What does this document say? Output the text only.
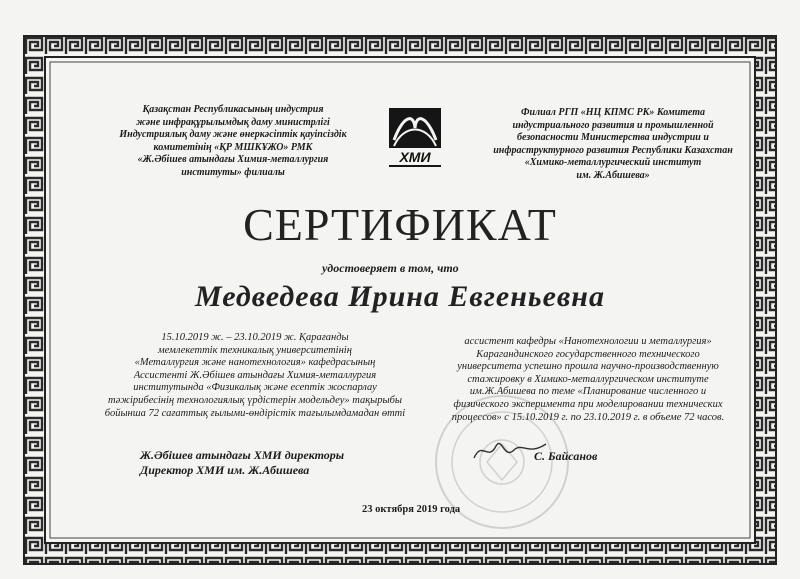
Қазақстан Республикасының индустрия
және инфрақұрылымдық даму министрлігі
Индустриялық даму және өнеркәсіптік қауіпсіздік
комитетінің «ҚР МШКҰЖО» РМК
«Ж.Әбішев атындағы Химия-металлургия
институты» филиалы
ХМИ
Филиал РГП «НЦ КПМС РК» Комитета
индустриального развития и промышленной
безопасности Министерства индустрии и
инфраструктурного развития Республики Казахстан
«Химико-металлургический институт
им. Ж.Абишева»
СЕРТИФИКАТ
удостоверяет в том, что
Медведева Ирина Евгеньевна
15.10.2019 ж. – 23.10.2019 ж. Қарағанды
мемлекеттік техникалық университетінің
«Металлургия және нанотехнология» кафедрасының
Ассистенті Ж.Әбішев атындағы Химия-металлургия
институтында «Физикалық және есептік жоспарлау
тәжірибесінің технологиялық үрдістерін модельдеу» тақырыбы
бойынша 72 сағаттық ғылыми-өндірістік тағылымдамадан өтті
ассистент кафедры «Нанотехнологии и металлургия»
Карагандинского государственного технического
университета успешно прошла научно-производственную
стажировку в Химико-металлургическом институте
им.Ж.Абишева по теме «Планирование численного и
физического эксперимента при моделировании технических
процессов» с 15.10.2019 г. по 23.10.2019 г. в объеме 72 часов.
Ж.Әбішев атындағы ХМИ директоры
Директор ХМИ им. Ж.Абишева
С. Байсанов
23 октября 2019 года
